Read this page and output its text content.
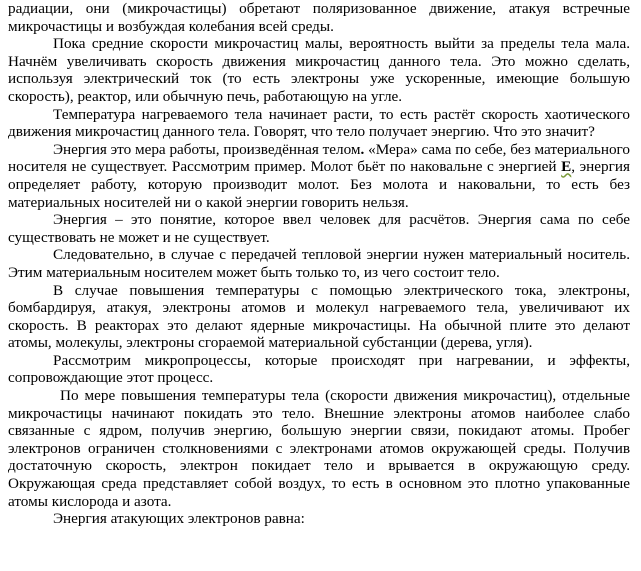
радиации, они (микрочастицы) обретают поляризованное движение, атакуя встречные микрочастицы и возбуждая колебания всей среды.

Пока средние скорости микрочастиц малы, вероятность выйти за пределы тела мала. Начнём увеличивать скорость движения микрочастиц данного тела. Это можно сделать, используя электрический ток (то есть электроны уже ускоренные, имеющие большую скорость), реактор, или обычную печь, работающую на угле.

Температура нагреваемого тела начинает расти, то есть растёт скорость хаотического движения микрочастиц данного тела. Говорят, что тело получает энергию. Что это значит?

Энергия это мера работы, произведённая телом. «Мера» сама по себе, без материального носителя не существует. Рассмотрим пример. Молот бьёт по наковальне с энергией Е, энергия определяет работу, которую производит молот. Без молота и наковальни, то есть без материальных носителей ни о какой энергии говорить нельзя.

Энергия – это понятие, которое ввел человек для расчётов. Энергия сама по себе существовать не может и не существует.

Следовательно, в случае с передачей тепловой энергии нужен материальный носитель. Этим материальным носителем может быть только то, из чего состоит тело.

В случае повышения температуры с помощью электрического тока, электроны, бомбардируя, атакуя, электроны атомов и молекул нагреваемого тела, увеличивают их скорость. В реакторах это делают ядерные микрочастицы. На обычной плите это делают атомы, молекулы, электроны сгораемой материальной субстанции (дерева, угля).

Рассмотрим микропроцессы, которые происходят при нагревании, и эффекты, сопровождающие этот процесс.

По мере повышения температуры тела (скорости движения микрочастиц), отдельные микрочастицы начинают покидать это тело. Внешние электроны атомов наиболее слабо связанные с ядром, получив энергию, большую энергии связи, покидают атомы. Пробег электронов ограничен столкновениями с электронами атомов окружающей среды. Получив достаточную скорость, электрон покидает тело и врывается в окружающую среду. Окружающая среда представляет собой воздух, то есть в основном это плотно упакованные атомы кислорода и азота.

Энергия атакующих электронов равна:
